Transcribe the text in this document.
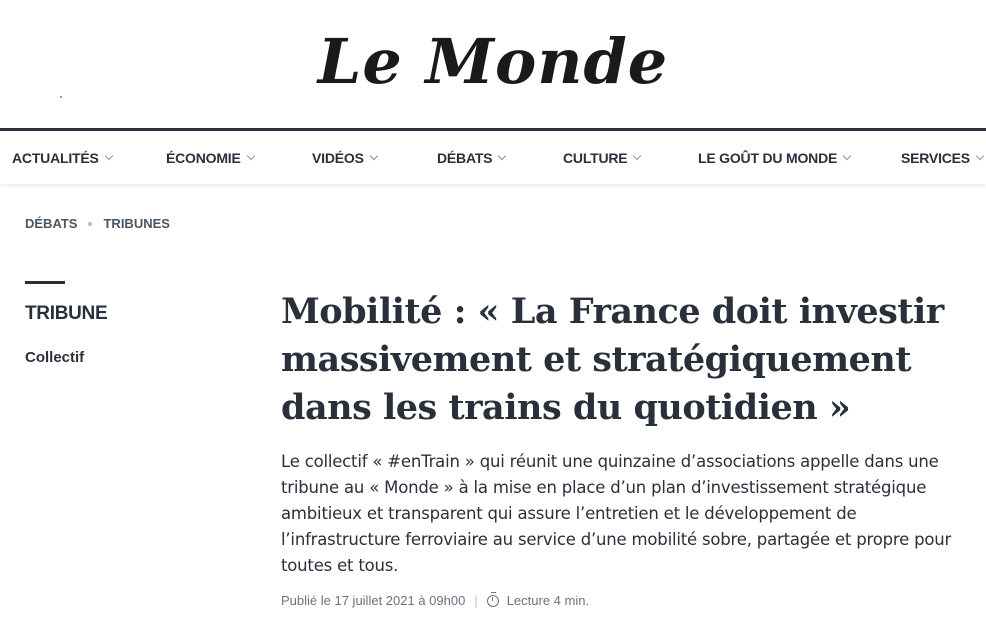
Le Monde
ACTUALITÉS	ÉCONOMIE	VIDÉOS	DÉBATS	CULTURE	LE GOÛT DU MONDE	SERVICES
DÉBATS TRIBUNES
TRIBUNE
Collectif
Mobilité : « La France doit investir massivement et stratégiquement dans les trains du quotidien »

Le collectif « #enTrain » qui réunit une quinzaine d’associations appelle dans une tribune au « Monde » à la mise en place d’un plan d’investissement stratégique ambitieux et transparent qui assure l’entretien et le développement de l’infrastructure ferroviaire au service d’une mobilité sobre, partagée et propre pour toutes et tous.

Publié le 17 juillet 2021 à 09h00 | Lecture 4 min.
